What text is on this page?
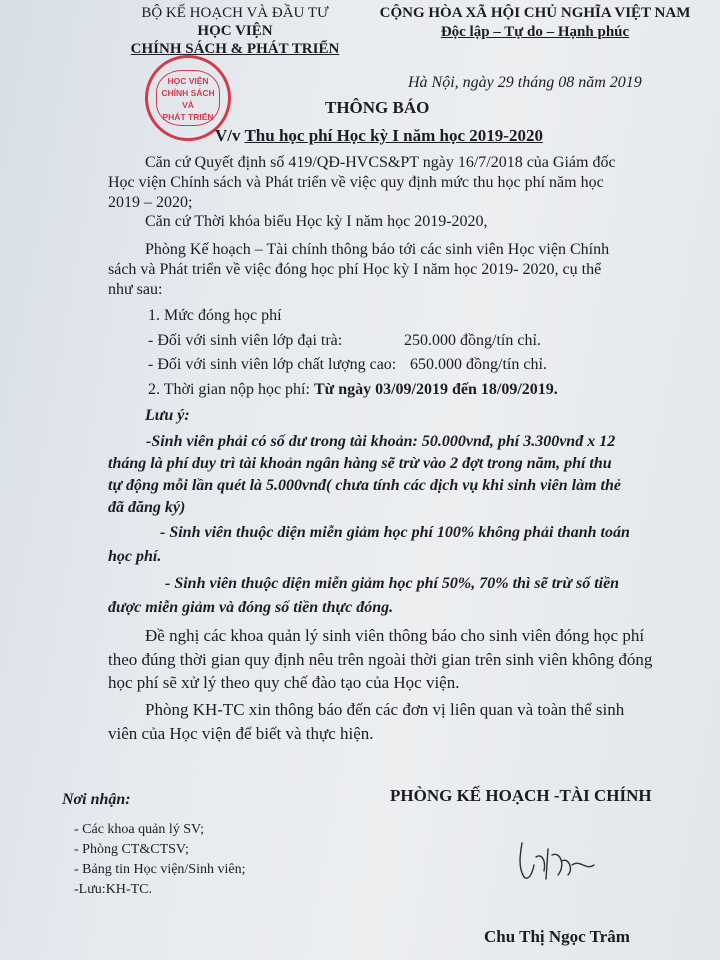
BỘ KẾ HOẠCH VÀ ĐẦU TƯ
HỌC VIỆN
CHÍNH SÁCH & PHÁT TRIỂN
CỘNG HÒA XÃ HỘI CHỦ NGHĨA VIỆT NAM
Độc lập – Tự do – Hạnh phúc
HỌC VIỆN
CHÍNH SÁCH VÀ
PHÁT TRIỂN
Hà Nội, ngày 29 tháng 08 năm 2019
THÔNG BÁO
V/v Thu học phí Học kỳ I năm học 2019-2020
Căn cứ Quyết định số 419/QĐ-HVCS&PT ngày 16/7/2018 của Giám đốc
Học viện Chính sách và Phát triển về việc quy định mức thu học phí năm học
2019 – 2020;
Căn cứ Thời khóa biểu Học kỳ I năm học 2019-2020,
Phòng Kế hoạch – Tài chính thông báo tới các sinh viên Học viện Chính
sách và Phát triển về việc đóng học phí Học kỳ I năm học 2019- 2020, cụ thể
như sau:
1. Mức đóng học phí
- Đối với sinh viên lớp đại trà:	250.000 đồng/tín chỉ.
- Đối với sinh viên lớp chất lượng cao: 650.000 đồng/tín chỉ.
2. Thời gian nộp học phí: Từ ngày 03/09/2019 đến 18/09/2019.
Lưu ý:
-Sinh viên phải có số dư trong tài khoản: 50.000vnđ, phí 3.300vnđ x 12
tháng là phí duy trì tài khoản ngân hàng sẽ trừ vào 2 đợt trong năm, phí thu
tự động mỗi lần quét là 5.000vnđ( chưa tính các dịch vụ khi sinh viên làm thẻ
đã đăng ký)
- Sinh viên thuộc diện miễn giảm học phí 100% không phải thanh toán
học phí.
- Sinh viên thuộc diện miễn giảm học phí 50%, 70% thì sẽ trừ số tiền
được miễn giảm và đóng số tiền thực đóng.
Đề nghị các khoa quản lý sinh viên thông báo cho sinh viên đóng học phí
theo đúng thời gian quy định nêu trên ngoài thời gian trên sinh viên không đóng
học phí sẽ xử lý theo quy chế đào tạo của Học viện.
Phòng KH-TC xin thông báo đến các đơn vị liên quan và toàn thể sinh
viên của Học viện để biết và thực hiện.
Nơi nhận:
- Các khoa quản lý SV;
- Phòng CT&CTSV;
- Bảng tin Học viện/Sinh viên;
-Lưu:KH-TC.
PHÒNG KẾ HOẠCH -TÀI CHÍNH
Chu Thị Ngọc Trâm
